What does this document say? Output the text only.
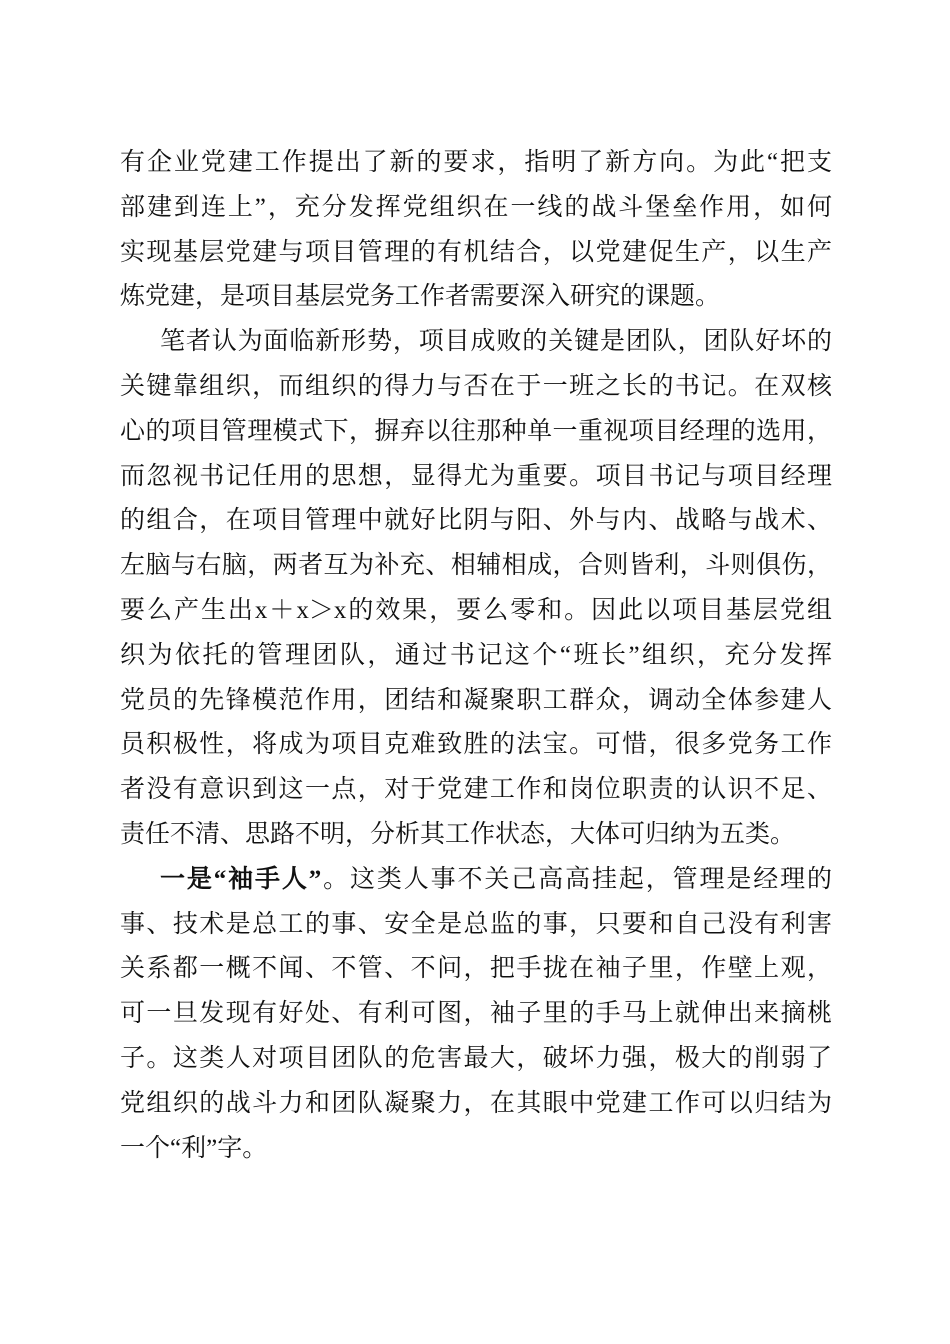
有企业党建工作提出了新的要求，指明了新方向。为此“把支
部建到连上”，充分发挥党组织在一线的战斗堡垒作用，如何
实现基层党建与项目管理的有机结合，以党建促生产，以生产
炼党建，是项目基层党务工作者需要深入研究的课题。
笔者认为面临新形势，项目成败的关键是团队，团队好坏的
关键靠组织，而组织的得力与否在于一班之长的书记。在双核
心的项目管理模式下，摒弃以往那种单一重视项目经理的选用，
而忽视书记任用的思想，显得尤为重要。项目书记与项目经理
的组合，在项目管理中就好比阴与阳、外与内、战略与战术、
左脑与右脑，两者互为补充、相辅相成，合则皆利，斗则俱伤，
要么产生出x＋x＞x的效果，要么零和。因此以项目基层党组
织为依托的管理团队，通过书记这个“班长”组织，充分发挥
党员的先锋模范作用，团结和凝聚职工群众，调动全体参建人
员积极性，将成为项目克难致胜的法宝。可惜，很多党务工作
者没有意识到这一点，对于党建工作和岗位职责的认识不足、
责任不清、思路不明，分析其工作状态，大体可归纳为五类。
一是“袖手人”。这类人事不关己高高挂起，管理是经理的
事、技术是总工的事、安全是总监的事，只要和自己没有利害
关系都一概不闻、不管、不问，把手拢在袖子里，作壁上观，
可一旦发现有好处、有利可图，袖子里的手马上就伸出来摘桃
子。这类人对项目团队的危害最大，破坏力强，极大的削弱了
党组织的战斗力和团队凝聚力，在其眼中党建工作可以归结为
一个“利”字。
